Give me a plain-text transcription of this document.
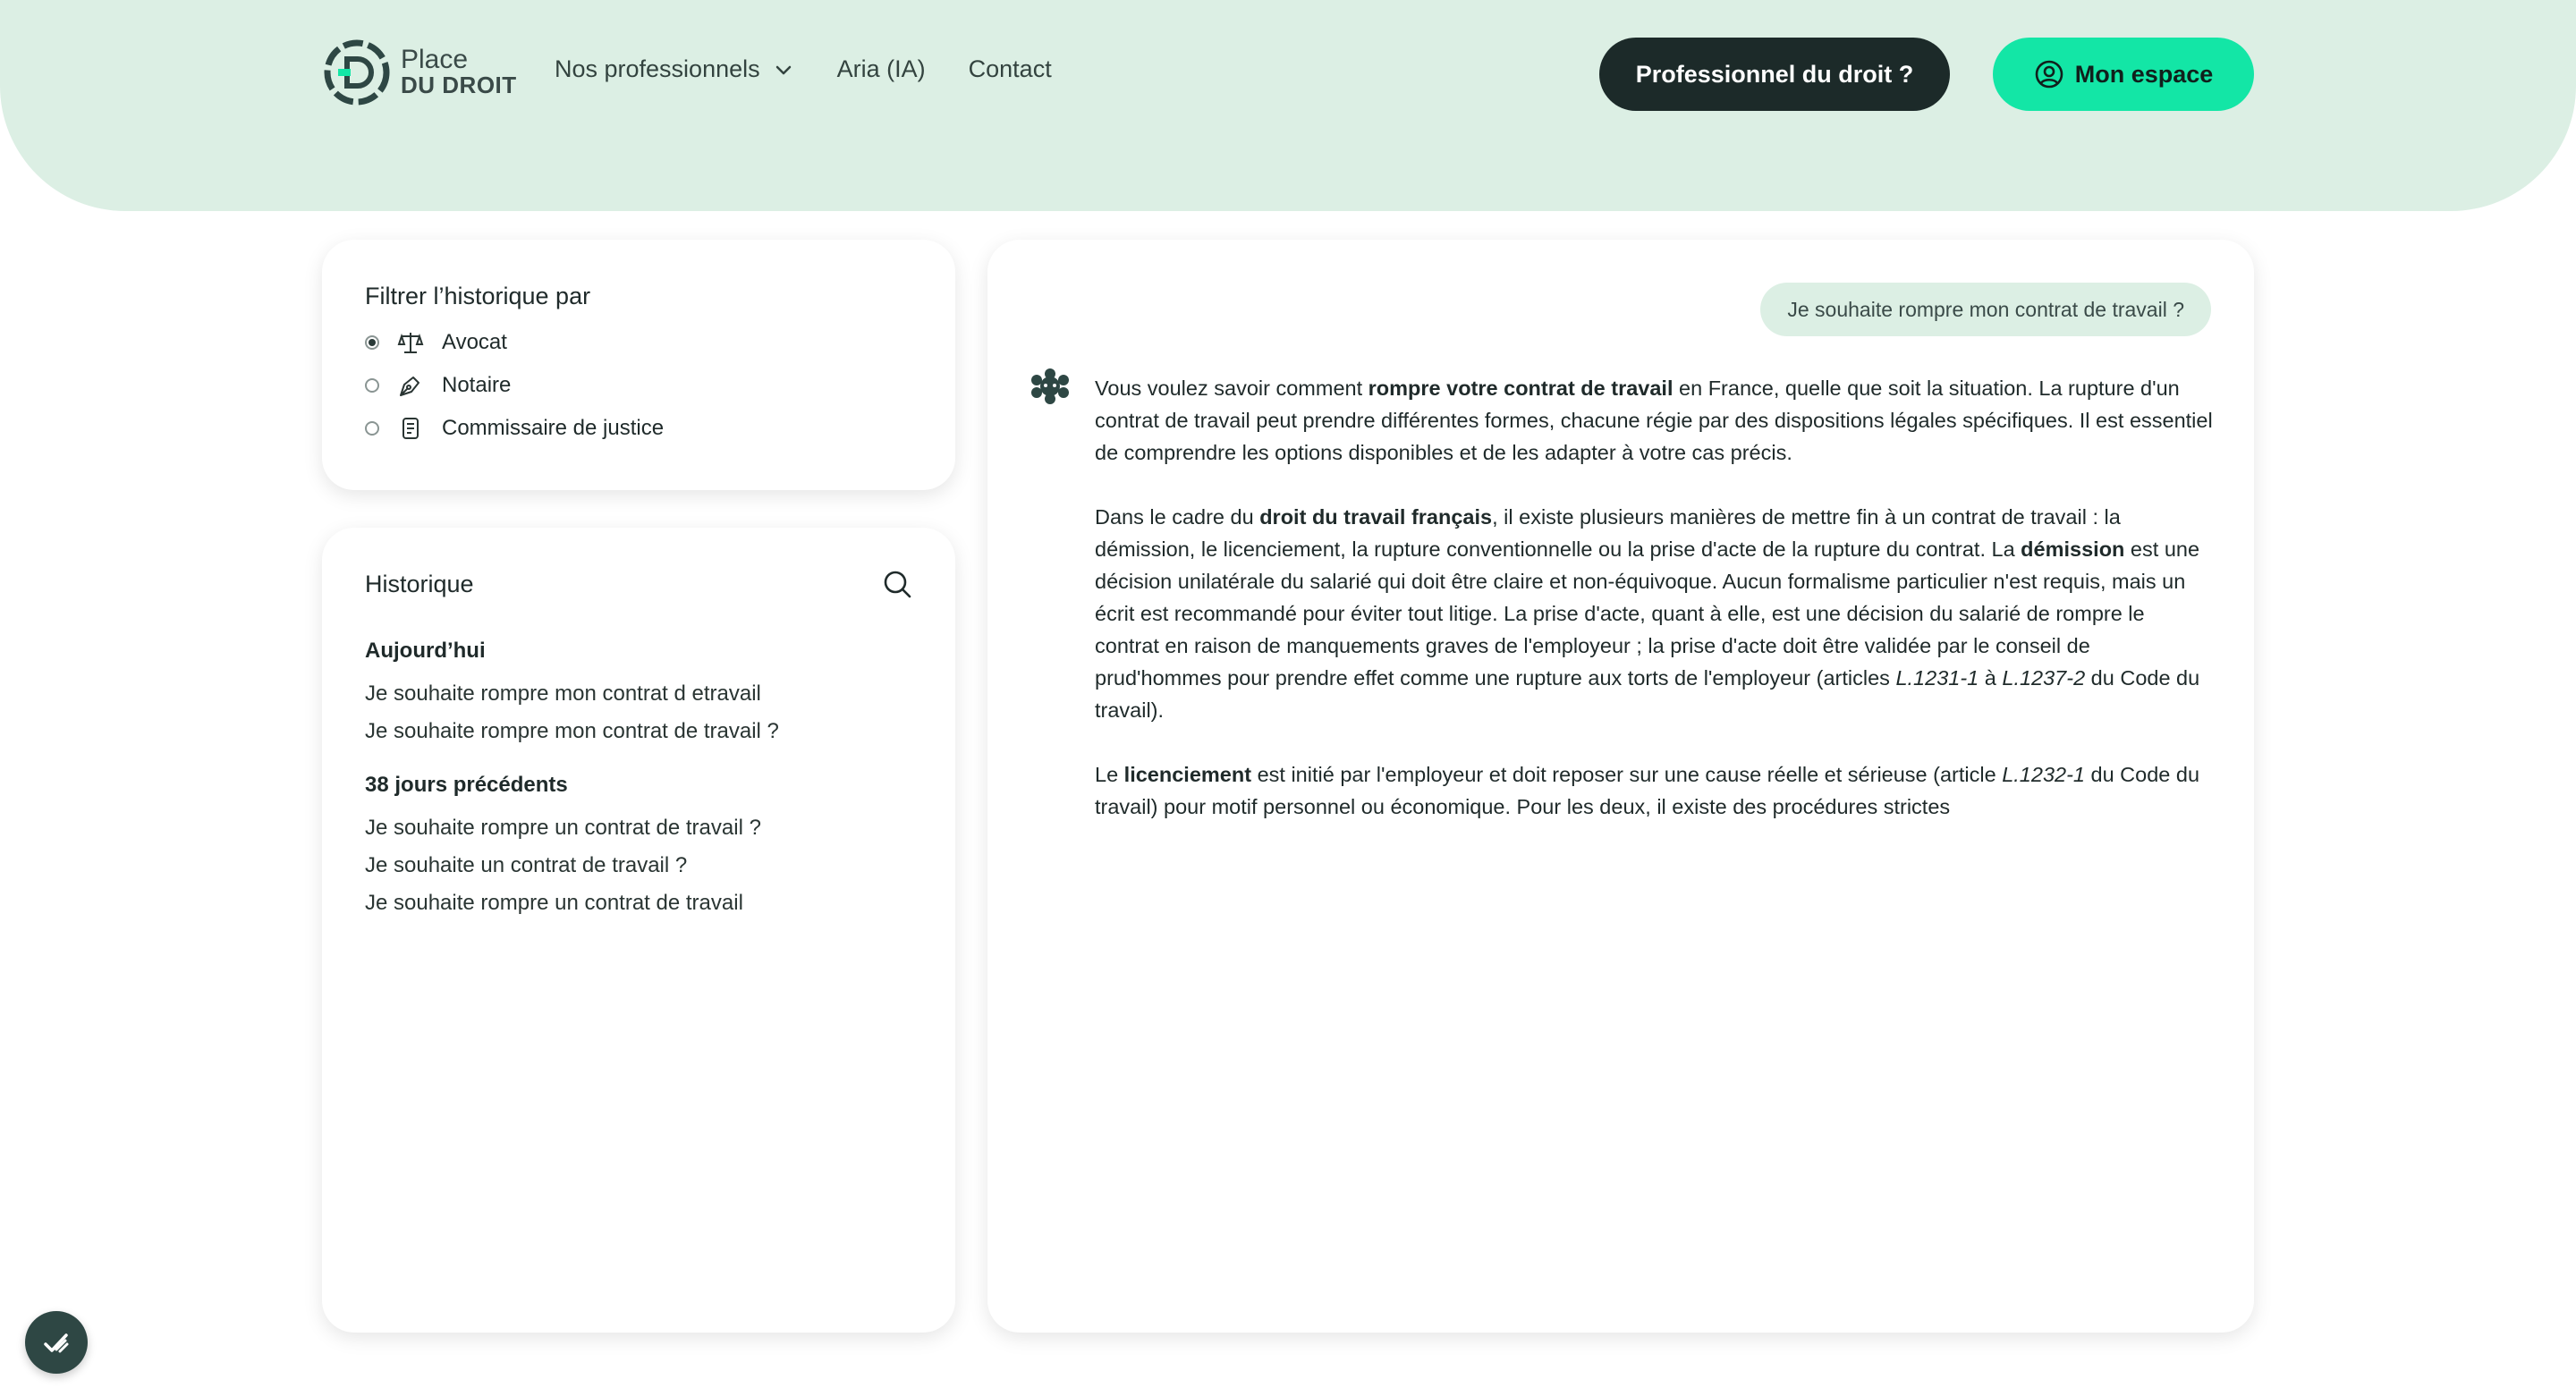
Place
DU DROIT
Nos professionnels	Aria (IA) Contact	Professionnel du droit ?	Mon espace
Filtrer l’historique par
Avocat
Notaire
Commissaire de justice
Historique
Aujourd’hui
Je souhaite rompre mon contrat d etravail
Je souhaite rompre mon contrat de travail ?
38 jours précédents
Je souhaite rompre un contrat de travail ?
Je souhaite un contrat de travail ?
Je souhaite rompre un contrat de travail
Je souhaite rompre mon contrat de travail ?

Vous voulez savoir comment rompre votre contrat de travail en France, quelle que soit la situation. La rupture d'un contrat de travail peut prendre différentes formes, chacune régie par des dispositions légales spécifiques. Il est essentiel de comprendre les options disponibles et de les adapter à votre cas précis.

Dans le cadre du droit du travail français, il existe plusieurs manières de mettre fin à un contrat de travail : la démission, le licenciement, la rupture conventionnelle ou la prise d'acte de la rupture du contrat. La démission est une décision unilatérale du salarié qui doit être claire et non-équivoque. Aucun formalisme particulier n'est requis, mais un écrit est recommandé pour éviter tout litige. La prise d'acte, quant à elle, est une décision du salarié de rompre le contrat en raison de manquements graves de l'employeur ; la prise d'acte doit être validée par le conseil de prud'hommes pour prendre effet comme une rupture aux torts de l'employeur (articles L.1231-1 à L.1237-2 du Code du travail).

Le licenciement est initié par l'employeur et doit reposer sur une cause réelle et sérieuse (article L.1232-1 du Code du travail) pour motif personnel ou économique. Pour les deux, il existe des procédures strictes
